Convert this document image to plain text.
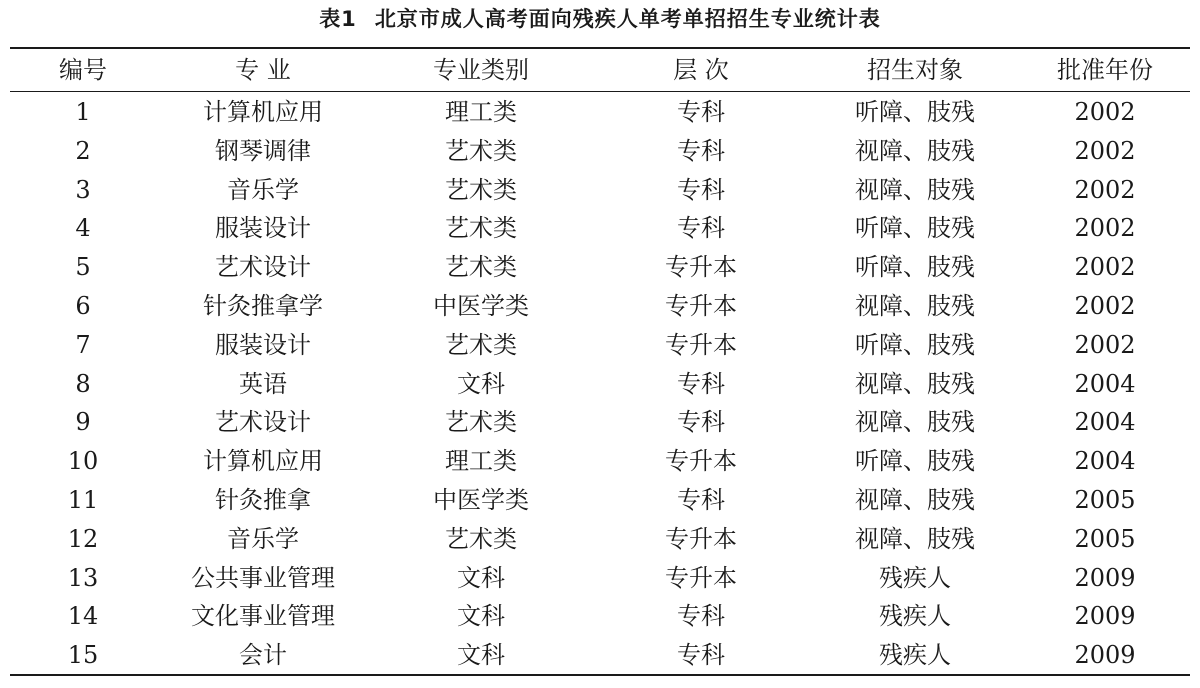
表1 北京市成人高考面向残疾人单考单招招生专业统计表
编号	专 业	专业类别	层 次	招生对象	批准年份
1	计算机应用	理工类	专科	听障、肢残	2002
2	钢琴调律	艺术类	专科	视障、肢残	2002
3	音乐学	艺术类	专科	视障、肢残	2002
4	服装设计	艺术类	专科	听障、肢残	2002
5	艺术设计	艺术类	专升本	听障、肢残	2002
6	针灸推拿学	中医学类	专升本	视障、肢残	2002
7	服装设计	艺术类	专升本	听障、肢残	2002
8	英语	文科	专科	视障、肢残	2004
9	艺术设计	艺术类	专科	视障、肢残	2004
10	计算机应用	理工类	专升本	听障、肢残	2004
11	针灸推拿	中医学类	专科	视障、肢残	2005
12	音乐学	艺术类	专升本	视障、肢残	2005
13	公共事业管理	文科	专升本	残疾人	2009
14	文化事业管理	文科	专科	残疾人	2009
15	会计	文科	专科	残疾人	2009
